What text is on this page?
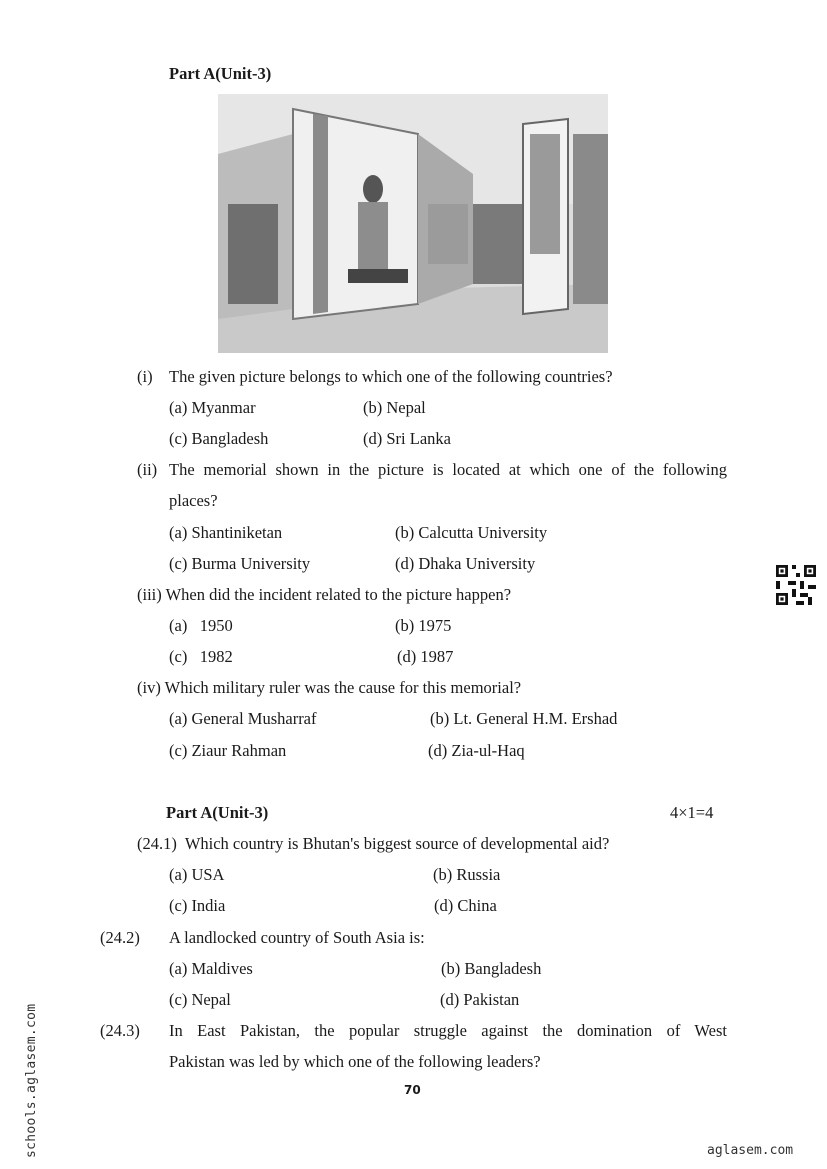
Part A(Unit-3)
(i) The given picture belongs to which one of the following countries?
(a) Myanmar	(b) Nepal
(c) Bangladesh	(d) Sri Lanka
(ii) The memorial shown in the picture is located at which one of the following
places?
(a) Shantiniketan	(b) Calcutta University
(c) Burma University	(d) Dhaka University
(iii) When did the incident related to the picture happen?
(a)   1950	(b) 1975
(c)   1982	(d) 1987
(iv) Which military ruler was the cause for this memorial?
(a) General Musharraf	(b) Lt. General H.M. Ershad
(c) Ziaur Rahman	(d) Zia-ul-Haq
Part A(Unit-3)	4×1=4
(24.1)  Which country is Bhutan's biggest source of developmental aid?
(a) USA	(b) Russia
(c) India	(d) China
(24.2) A landlocked country of South Asia is:
(a) Maldives	(b) Bangladesh
(c) Nepal	(d) Pakistan
(24.3) In East Pakistan, the popular struggle against the domination of West
Pakistan was led by which one of the following leaders?
70
schools.aglasem.com	aglasem.com
